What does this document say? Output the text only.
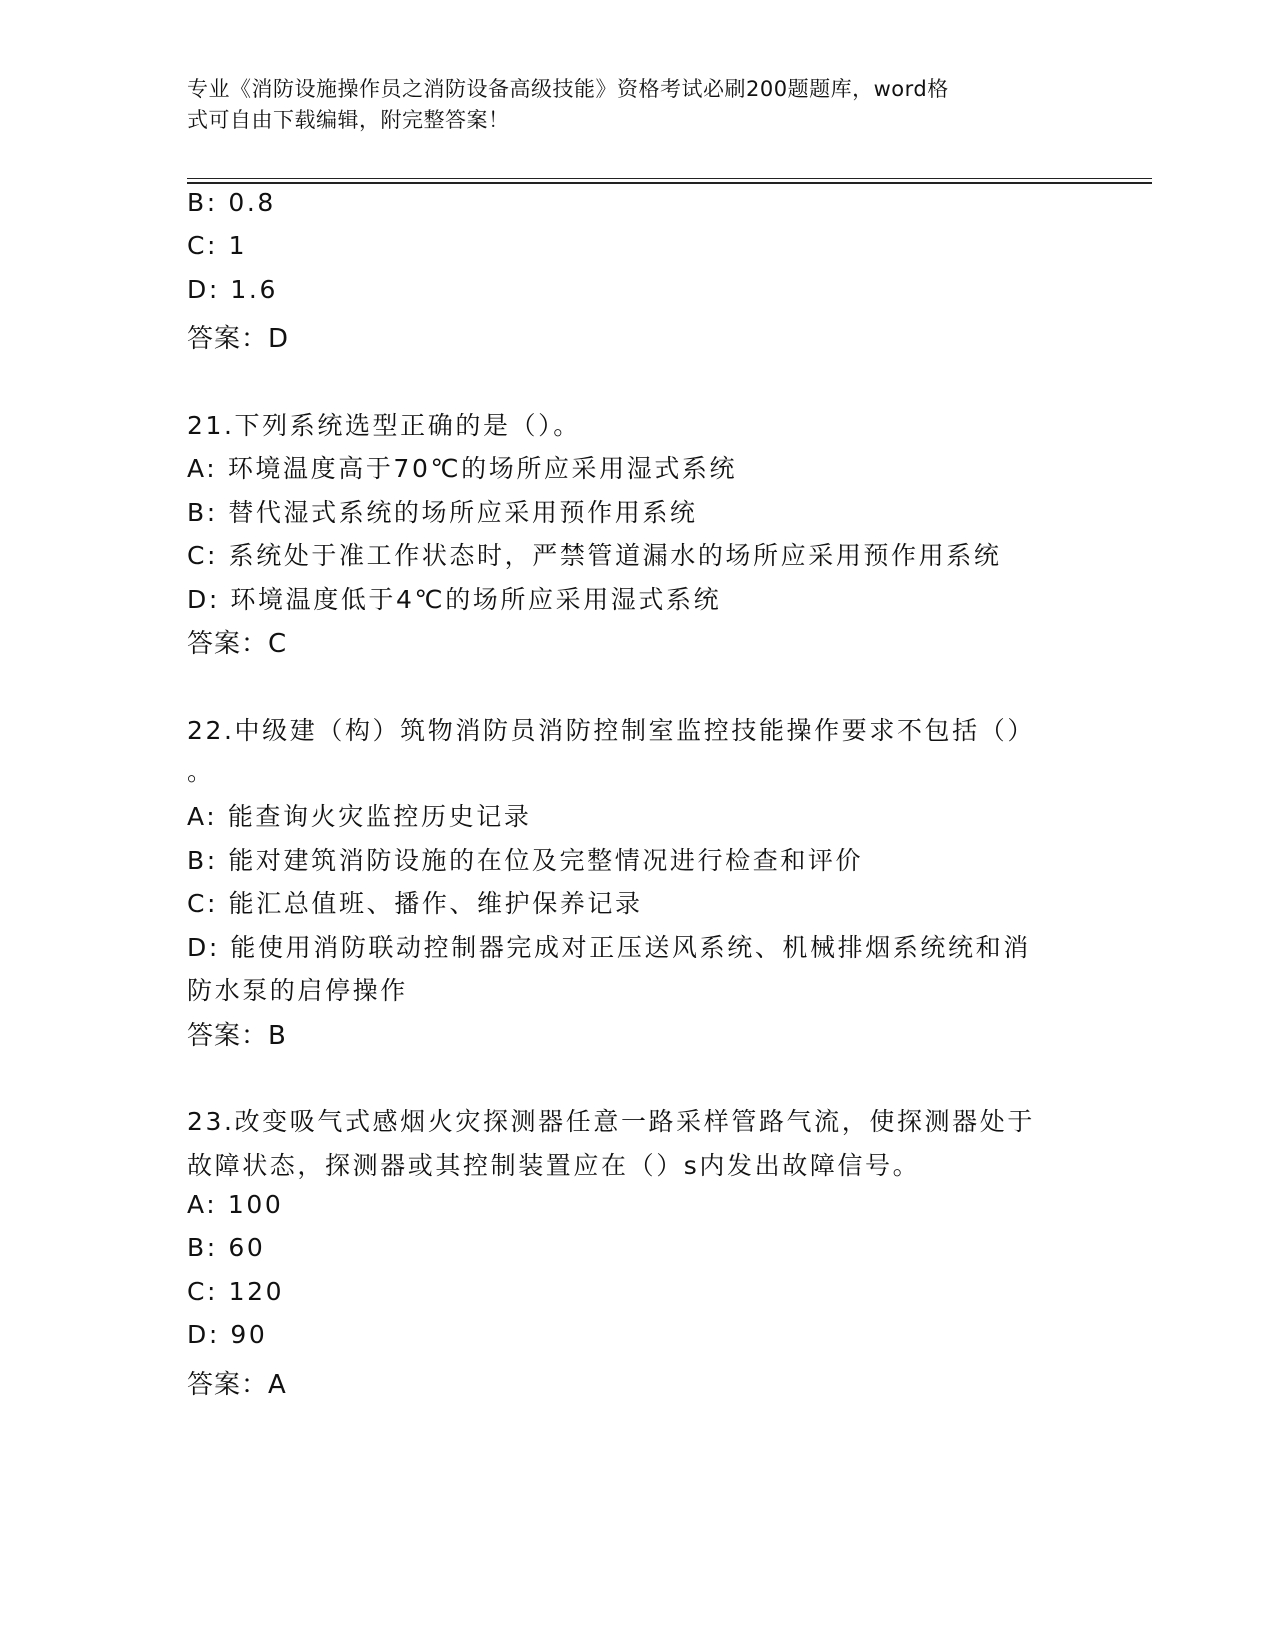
专业《消防设施操作员之消防设备高级技能》资格考试必刷200题题库，word格
式可自由下载编辑，附完整答案！
B: 0.8
C: 1
D: 1.6
答案：D
21.下列系统选型正确的是（）。
A: 环境温度高于70℃的场所应采用湿式系统
B: 替代湿式系统的场所应采用预作用系统
C: 系统处于准工作状态时，严禁管道漏水的场所应采用预作用系统
D: 环境温度低于4℃的场所应采用湿式系统
答案：C
22.中级建（构）筑物消防员消防控制室监控技能操作要求不包括（）
。
A: 能查询火灾监控历史记录
B: 能对建筑消防设施的在位及完整情况进行检查和评价
C: 能汇总值班、播作、维护保养记录
D: 能使用消防联动控制器完成对正压送风系统、机械排烟系统统和消
防水泵的启停操作
答案：B
23.改变吸气式感烟火灾探测器任意一路采样管路气流，使探测器处于
故障状态，探测器或其控制装置应在（）s内发出故障信号。
A: 100
B: 60
C: 120
D: 90
答案：A
